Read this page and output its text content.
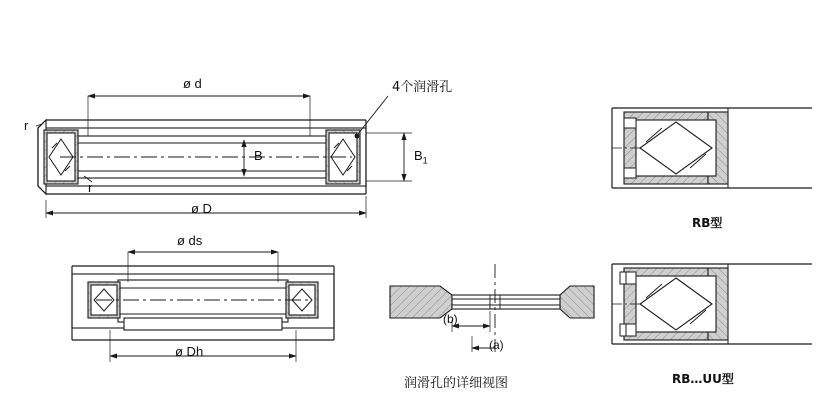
ø d
ø D
B	$B_1$
r
r
4个润滑孔
ø ds
ø Dh
(b)
(a)
润滑孔的详细视图
RB型
RB…UU型
